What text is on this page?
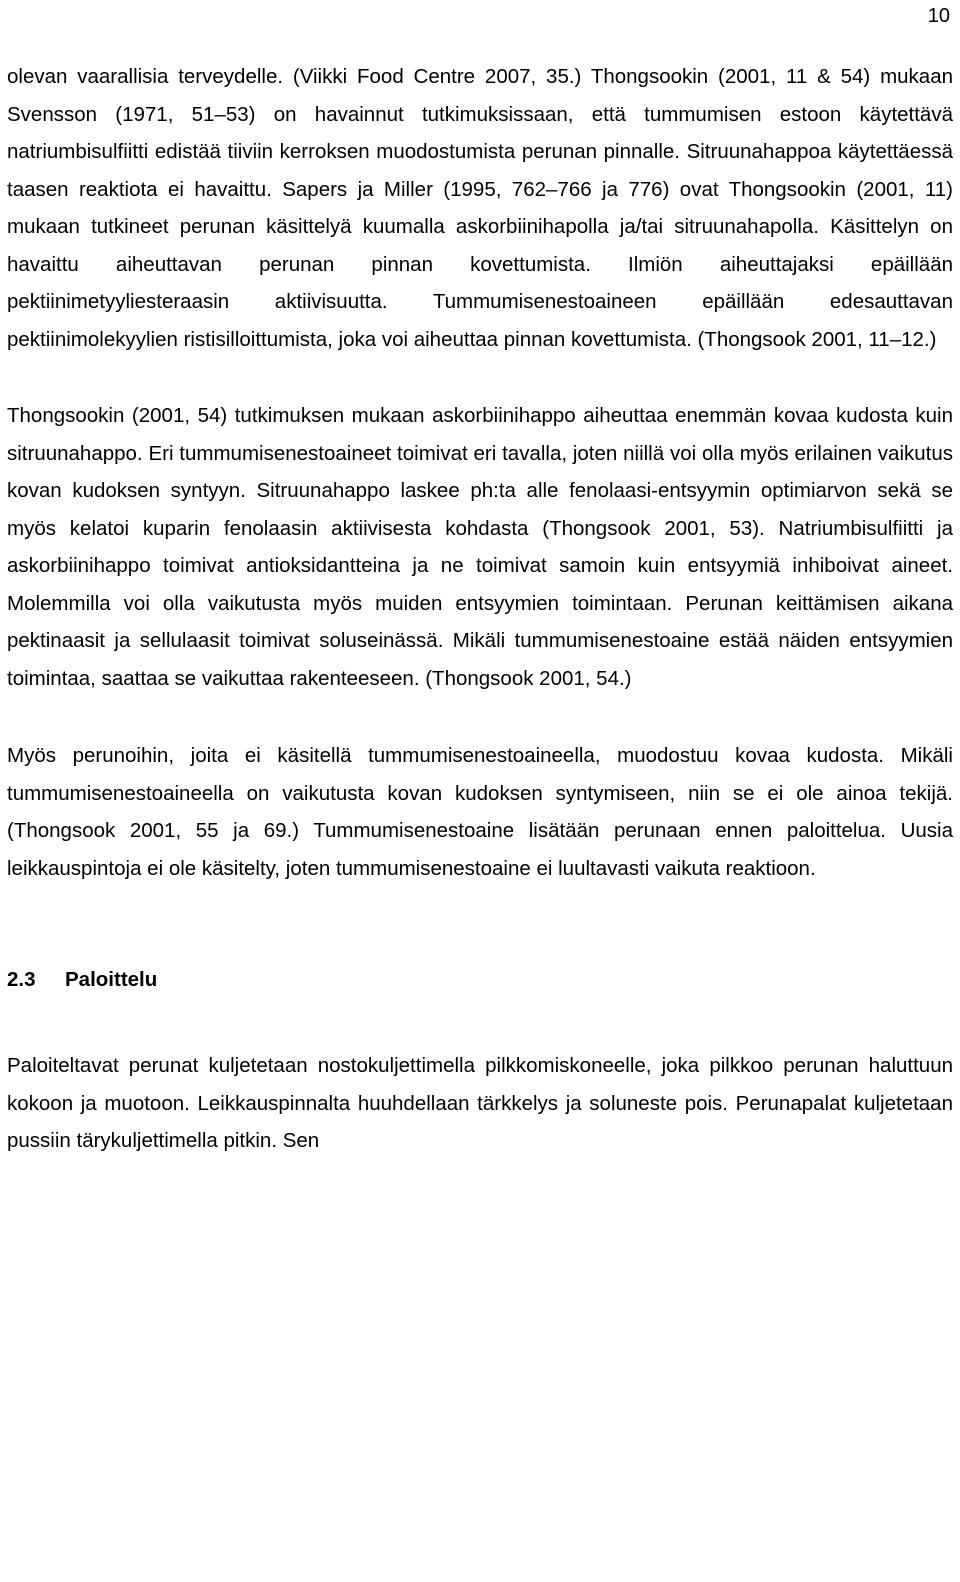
10

olevan vaarallisia terveydelle. (Viikki Food Centre 2007, 35.) Thongsookin (2001, 11 & 54) mukaan Svensson (1971, 51–53) on havainnut tutkimuksissaan, että tummumisen estoon käytettävä natriumbisulfiitti edistää tiiviin kerroksen muodostumista perunan pinnalle. Sitruunahappoa käytettäessä taasen reaktiota ei havaittu. Sapers ja Miller (1995, 762–766 ja 776) ovat Thongsookin (2001, 11) mukaan tutkineet perunan käsittelyä kuumalla askorbiinihapolla ja/tai sitruunahapolla. Käsittelyn on havaittu aiheuttavan perunan pinnan kovettumista. Ilmiön aiheuttajaksi epäillään pektiinimetyyliesteraasin aktiivisuutta. Tummumisenestoaineen epäillään edesauttavan pektiinimolekyylien ristisilloittumista, joka voi aiheuttaa pinnan kovettumista. (Thongsook 2001, 11–12.)

Thongsookin (2001, 54) tutkimuksen mukaan askorbiinihappo aiheuttaa enemmän kovaa kudosta kuin sitruunahappo. Eri tummumisenestoaineet toimivat eri tavalla, joten niillä voi olla myös erilainen vaikutus kovan kudoksen syntyyn. Sitruunahappo laskee ph:ta alle fenolaasi-entsyymin optimiarvon sekä se myös kelatoi kuparin fenolaasin aktiivisesta kohdasta (Thongsook 2001, 53). Natriumbisulfiitti ja askorbiinihappo toimivat antioksidantteina ja ne toimivat samoin kuin entsyymiä inhiboivat aineet. Molemmilla voi olla vaikutusta myös muiden entsyymien toimintaan. Perunan keittämisen aikana pektinaasit ja sellulaasit toimivat soluseinässä. Mikäli tummumisenestoaine estää näiden entsyymien toimintaa, saattaa se vaikuttaa rakenteeseen. (Thongsook 2001, 54.)

Myös perunoihin, joita ei käsitellä tummumisenestoaineella, muodostuu kovaa kudosta. Mikäli tummumisenestoaineella on vaikutusta kovan kudoksen syntymiseen, niin se ei ole ainoa tekijä. (Thongsook 2001, 55 ja 69.) Tummumisenestoaine lisätään perunaan ennen paloittelua. Uusia leikkauspintoja ei ole käsitelty, joten tummumisenestoaine ei luultavasti vaikuta reaktioon.

2.3 Paloittelu

Paloiteltavat perunat kuljetetaan nostokuljettimella pilkkomiskoneelle, joka pilkkoo perunan haluttuun kokoon ja muotoon. Leikkauspinnalta huuhdellaan tärkkelys ja soluneste pois. Perunapalat kuljetetaan pussiin tärykuljettimella pitkin. Sen
